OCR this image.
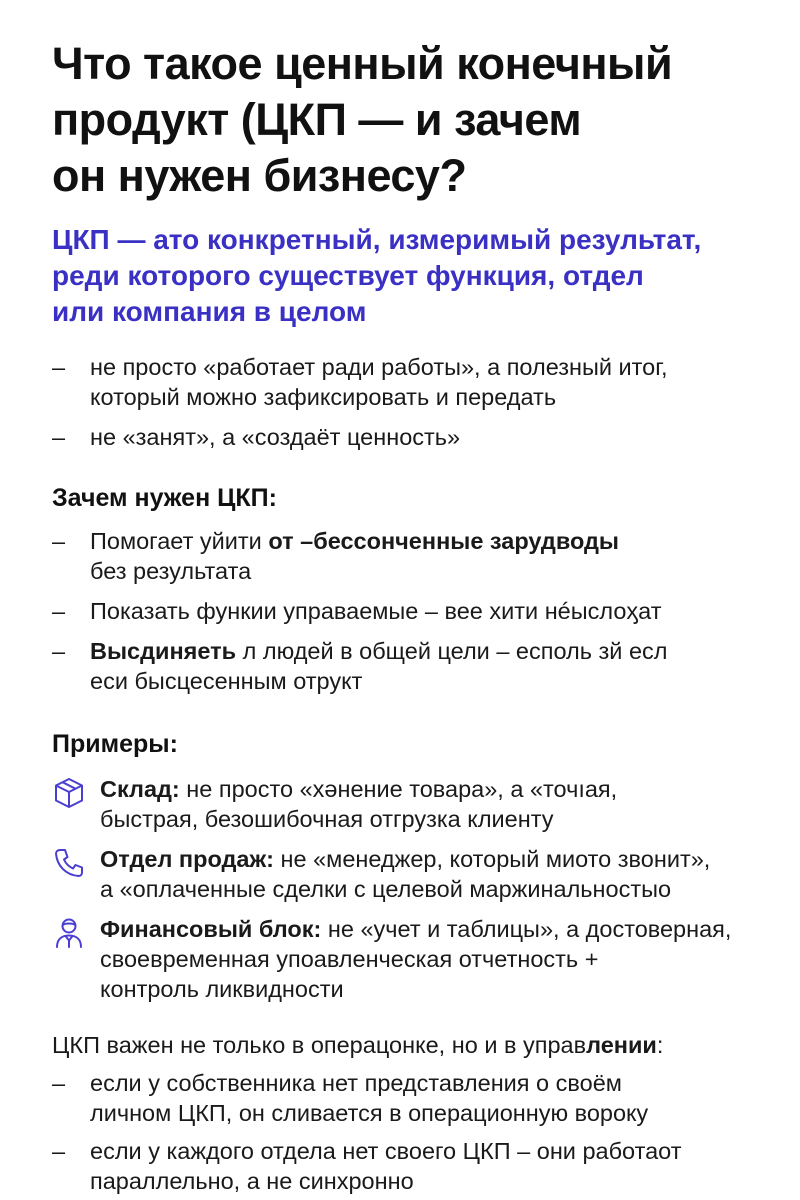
Что такое ценный конечный
продукт (ЦКП — и зачем
он нужен бизнесу?

ЦКП — ато конкретный, измеримый результат,
реди которого существует функция, отдел
или компания в целом

–	не просто «работает ради работы», а полезный итог,
который можно зафиксировать и передать
–	не «занят», а «создаёт ценность»
Зачем нужен ЦКП:
–	Помогает уйити от –бессонченные зарудводы
без результата
–	Показать функии управаемые – вее хити нéыслоӽат
–	Высдиняеть л людей в общей цели – есполь зй есл
еси быcцесенным отрукт
Примеры:
Склад: не просто «хәнение товара», а «точıая,
быстрая, безошибочная отгрузка клиенту
Отдел продаж: не «менеджер, который миото звонит»,
а «оплаченные сделки с целевой маржинальностыо
Финансовый блок: не «учет и таблицы», а достоверная,
своевременная упоавленческая отчетность +
контроль ликвидности

ЦКП важен не только в операцонке, но и в управлении:

–	если у собственника нет представления о своём
личном ЦКП, он сливается в операционную ворокy
–	если у каждого отдела нет своего ЦКП – они работаот
параллельно, а не синхронно
